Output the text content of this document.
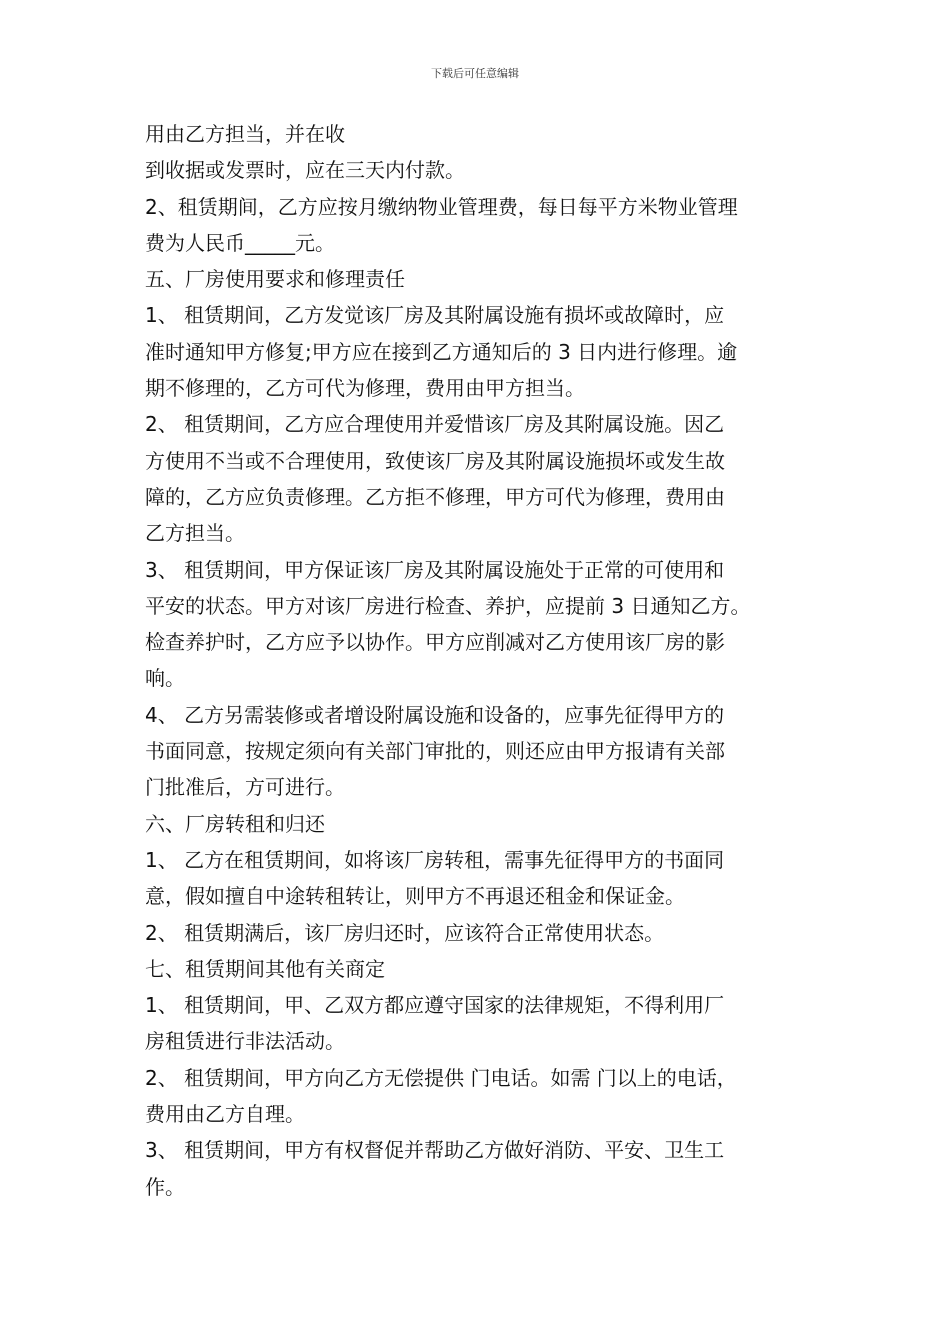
下载后可任意编辑

用由乙方担当，并在收

到收据或发票时，应在三天内付款。

2、租赁期间，乙方应按月缴纳物业管理费，每日每平方米物业管理

费为人民币_____元。

五、厂房使用要求和修理责任

1、 租赁期间，乙方发觉该厂房及其附属设施有损坏或故障时，应

准时通知甲方修复;甲方应在接到乙方通知后的 3 日内进行修理。逾

期不修理的，乙方可代为修理，费用由甲方担当。

2、 租赁期间，乙方应合理使用并爱惜该厂房及其附属设施。因乙

方使用不当或不合理使用，致使该厂房及其附属设施损坏或发生故

障的，乙方应负责修理。乙方拒不修理，甲方可代为修理，费用由

乙方担当。

3、 租赁期间，甲方保证该厂房及其附属设施处于正常的可使用和

平安的状态。甲方对该厂房进行检查、养护，应提前 3 日通知乙方。

检查养护时，乙方应予以协作。甲方应削减对乙方使用该厂房的影

响。

4、 乙方另需装修或者增设附属设施和设备的，应事先征得甲方的

书面同意，按规定须向有关部门审批的，则还应由甲方报请有关部

门批准后，方可进行。

六、厂房转租和归还

1、 乙方在租赁期间，如将该厂房转租，需事先征得甲方的书面同

意，假如擅自中途转租转让，则甲方不再退还租金和保证金。

2、 租赁期满后，该厂房归还时，应该符合正常使用状态。

七、租赁期间其他有关商定

1、 租赁期间，甲、乙双方都应遵守国家的法律规矩，不得利用厂

房租赁进行非法活动。

2、 租赁期间，甲方向乙方无偿提供 门电话。如需 门以上的电话，

费用由乙方自理。

3、 租赁期间，甲方有权督促并帮助乙方做好消防、平安、卫生工

作。
